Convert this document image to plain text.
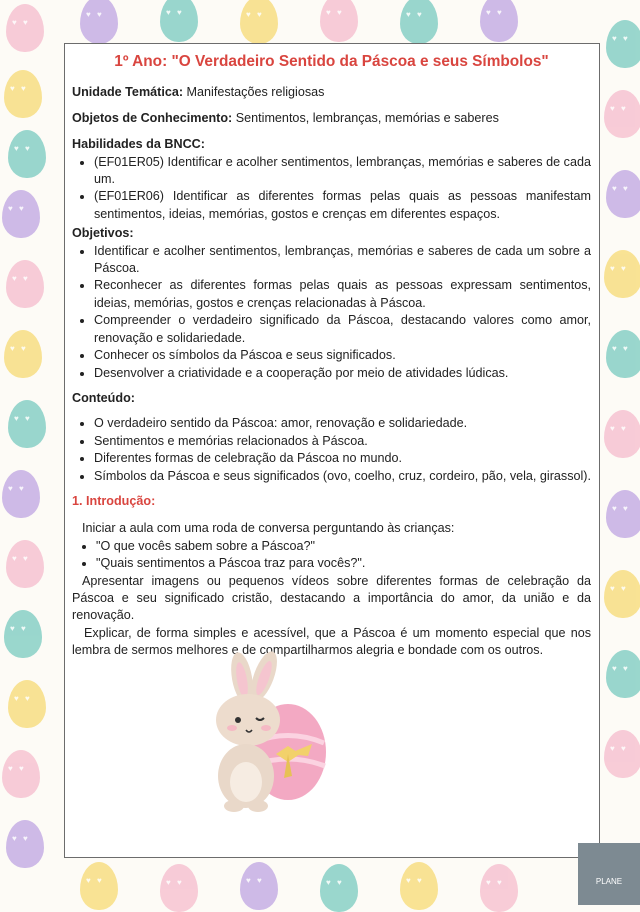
♥ ♥
♥ ♥
♥ ♥
♥ ♥
♥ ♥
♥ ♥
♥ ♥
♥ ♥
♥ ♥
♥ ♥
♥ ♥
♥ ♥
♥ ♥
♥ ♥
♥ ♥
♥ ♥
♥ ♥
♥ ♥
♥ ♥
♥ ♥
♥ ♥
♥ ♥
♥ ♥
♥ ♥
♥ ♥
♥ ♥
♥ ♥
♥ ♥
♥ ♥
♥ ♥
♥ ♥
♥ ♥
♥ ♥
♥ ♥
♥ ♥
1º Ano: "O Verdadeiro Sentido da Páscoa e seus Símbolos"

Unidade Temática: Manifestações religiosas

Objetos de Conhecimento: Sentimentos, lembranças, memórias e saberes

Habilidades da BNCC:
• (EF01ER05) Identificar e acolher sentimentos, lembranças, memórias e saberes de cada um.
• (EF01ER06) Identificar as diferentes formas pelas quais as pessoas manifestam sentimentos, ideias, memórias, gostos e crenças em diferentes espaços.
Objetivos:
• Identificar e acolher sentimentos, lembranças, memórias e saberes de cada um sobre a Páscoa.
• Reconhecer as diferentes formas pelas quais as pessoas expressam sentimentos, ideias, memórias, gostos e crenças relacionadas à Páscoa.
• Compreender o verdadeiro significado da Páscoa, destacando valores como amor, renovação e solidariedade.
• Conhecer os símbolos da Páscoa e seus significados.
• Desenvolver a criatividade e a cooperação por meio de atividades lúdicas.
Conteúdo:
• O verdadeiro sentido da Páscoa: amor, renovação e solidariedade.
• Sentimentos e memórias relacionados à Páscoa.
• Diferentes formas de celebração da Páscoa no mundo.
• Símbolos da Páscoa e seus significados (ovo, coelho, cruz, cordeiro, pão, vela, girassol).
1. Introdução:

Iniciar a aula com uma roda de conversa perguntando às crianças:

• "O que vocês sabem sobre a Páscoa?"
• "Quais sentimentos a Páscoa traz para vocês?".

Apresentar imagens ou pequenos vídeos sobre diferentes formas de celebração da Páscoa e seu significado cristão, destacando a importância do amor, da união e da renovação.

Explicar, de forma simples e acessível, que a Páscoa é um momento especial que nos lembra de sermos melhores e de compartilharmos alegria e bondade com os outros.

PLANE
